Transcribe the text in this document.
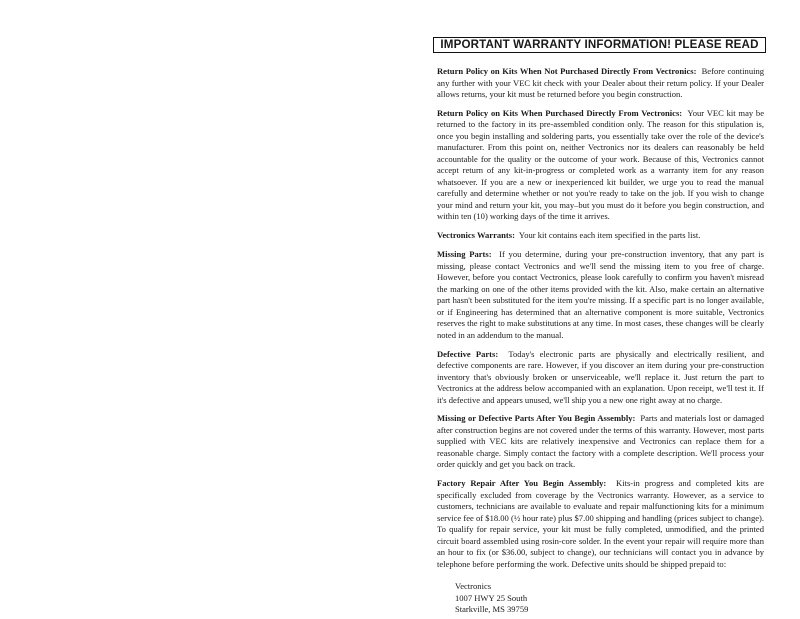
IMPORTANT WARRANTY INFORMATION! PLEASE READ

Return Policy on Kits When Not Purchased Directly From Vectronics: Before continuing any further with your VEC kit check with your Dealer about their return policy. If your Dealer allows returns, your kit must be returned before you begin construction.

Return Policy on Kits When Purchased Directly From Vectronics: Your VEC kit may be returned to the factory in its pre-assembled condition only. The reason for this stipulation is, once you begin installing and soldering parts, you essentially take over the role of the device's manufacturer. From this point on, neither Vectronics nor its dealers can reasonably be held accountable for the quality or the outcome of your work. Because of this, Vectronics cannot accept return of any kit-in-progress or completed work as a warranty item for any reason whatsoever. If you are a new or inexperienced kit builder, we urge you to read the manual carefully and determine whether or not you're ready to take on the job. If you wish to change your mind and return your kit, you may–but you must do it before you begin construction, and within ten (10) working days of the time it arrives.

Vectronics Warrants: Your kit contains each item specified in the parts list.

Missing Parts: If you determine, during your pre-construction inventory, that any part is missing, please contact Vectronics and we'll send the missing item to you free of charge. However, before you contact Vectronics, please look carefully to confirm you haven't misread the marking on one of the other items provided with the kit. Also, make certain an alternative part hasn't been substituted for the item you're missing. If a specific part is no longer available, or if Engineering has determined that an alternative component is more suitable, Vectronics reserves the right to make substitutions at any time. In most cases, these changes will be clearly noted in an addendum to the manual.

Defective Parts: Today's electronic parts are physically and electrically resilient, and defective components are rare. However, if you discover an item during your pre-construction inventory that's obviously broken or unserviceable, we'll replace it. Just return the part to Vectronics at the address below accompanied with an explanation. Upon receipt, we'll test it. If it's defective and appears unused, we'll ship you a new one right away at no charge.

Missing or Defective Parts After You Begin Assembly: Parts and materials lost or damaged after construction begins are not covered under the terms of this warranty. However, most parts supplied with VEC kits are relatively inexpensive and Vectronics can replace them for a reasonable charge. Simply contact the factory with a complete description. We'll process your order quickly and get you back on track.

Factory Repair After You Begin Assembly: Kits-in progress and completed kits are specifically excluded from coverage by the Vectronics warranty. However, as a service to customers, technicians are available to evaluate and repair malfunctioning kits for a minimum service fee of $18.00 (½ hour rate) plus $7.00 shipping and handling (prices subject to change). To qualify for repair service, your kit must be fully completed, unmodified, and the printed circuit board assembled using rosin-core solder. In the event your repair will require more than an hour to fix (or $36.00, subject to change), our technicians will contact you in advance by telephone before performing the work. Defective units should be shipped prepaid to:

Vectronics
1007 HWY 25 South
Starkville, MS 39759
